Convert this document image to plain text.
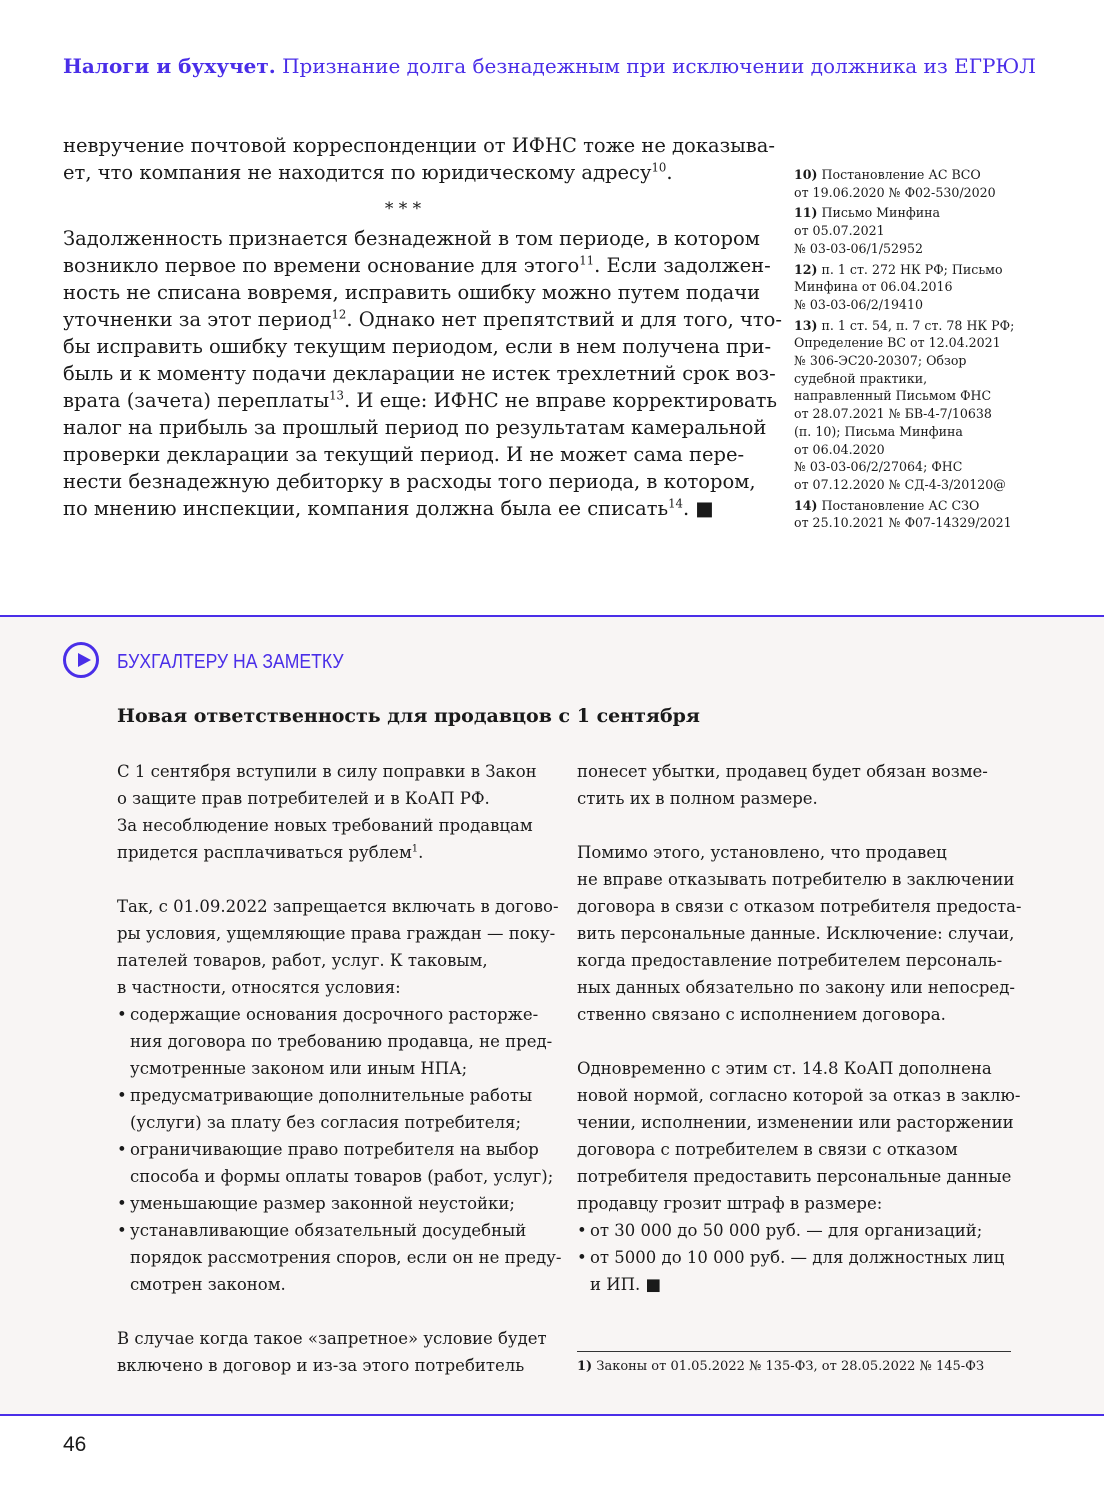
Налоги и бухучет. Признание долга безнадежным при исключении должника из ЕГРЮЛ
невручение почтовой корреспонденции от ИФНС тоже не доказыва-
ет, что компания не находится по юридическому адресу$^{10}$.
* * *
Задолженность признается безнадежной в том периоде, в котором
возникло первое по времени основание для этого$^{11}$. Если задолжен-
ность не списана вовремя, исправить ошибку можно путем подачи
уточненки за этот период$^{12}$. Однако нет препятствий и для того, что-
бы исправить ошибку текущим периодом, если в нем получена при-
быль и к моменту подачи декларации не истек трехлетний срок воз-
врата (зачета) переплаты$^{13}$. И еще: ИФНС не вправе корректировать
налог на прибыль за прошлый период по результатам камеральной
проверки декларации за текущий период. И не может сама пере-
нести безнадежную дебиторку в расходы того периода, в котором,
по мнению инспекции, компания должна была ее списать$^{14}$. ■
10) Постановление АС ВСО
от 19.06.2020 № Ф02-530/2020
11) Письмо Минфина
от 05.07.2021
№ 03-03-06/1/52952
12) п. 1 ст. 272 НК РФ; Письмо
Минфина от 06.04.2016
№ 03-03-06/2/19410
13) п. 1 ст. 54, п. 7 ст. 78 НК РФ;
Определение ВС от 12.04.2021
№ 306-ЭС20-20307; Обзор
судебной практики,
направленный Письмом ФНС
от 28.07.2021 № БВ-4-7/10638
(п. 10); Письма Минфина
от 06.04.2020
№ 03-03-06/2/27064; ФНС
от 07.12.2020 № СД-4-3/20120@
14) Постановление АС СЗО
от 25.10.2021 № Ф07-14329/2021
БУХГАЛТЕРУ НА ЗАМЕТКУ
Новая ответственность для продавцов с 1 сентября
С 1 сентября вступили в силу поправки в Закон
о защите прав потребителей и в КоАП РФ.
За несоблюдение новых требований продавцам
придется расплачиваться рублем$^1$.
Так, с 01.09.2022 запрещается включать в догово-
ры условия, ущемляющие права граждан — поку-
пателей товаров, работ, услуг. К таковым,
в частности, относятся условия:
• содержащие основания досрочного расторже-
ния договора по требованию продавца, не пред-
усмотренные законом или иным НПА;
• предусматривающие дополнительные работы
(услуги) за плату без согласия потребителя;
• ограничивающие право потребителя на выбор
способа и формы оплаты товаров (работ, услуг);
• уменьшающие размер законной неустойки;
• устанавливающие обязательный досудебный
порядок рассмотрения споров, если он не преду-
смотрен законом.
В случае когда такое «запретное» условие будет
включено в договор и из-за этого потребитель
понесет убытки, продавец будет обязан возме-
стить их в полном размере.
Помимо этого, установлено, что продавец
не вправе отказывать потребителю в заключении
договора в связи с отказом потребителя предоста-
вить персональные данные. Исключение: случаи,
когда предоставление потребителем персональ-
ных данных обязательно по закону или непосред-
ственно связано с исполнением договора.
Одновременно с этим ст. 14.8 КоАП дополнена
новой нормой, согласно которой за отказ в заклю-
чении, исполнении, изменении или расторжении
договора с потребителем в связи с отказом
потребителя предоставить персональные данные
продавцу грозит штраф в размере:
• от 30 000 до 50 000 руб. — для организаций;
• от 5000 до 10 000 руб. — для должностных лиц
и ИП. ■
1) Законы от 01.05.2022 № 135-ФЗ, от 28.05.2022 № 145-ФЗ
46
